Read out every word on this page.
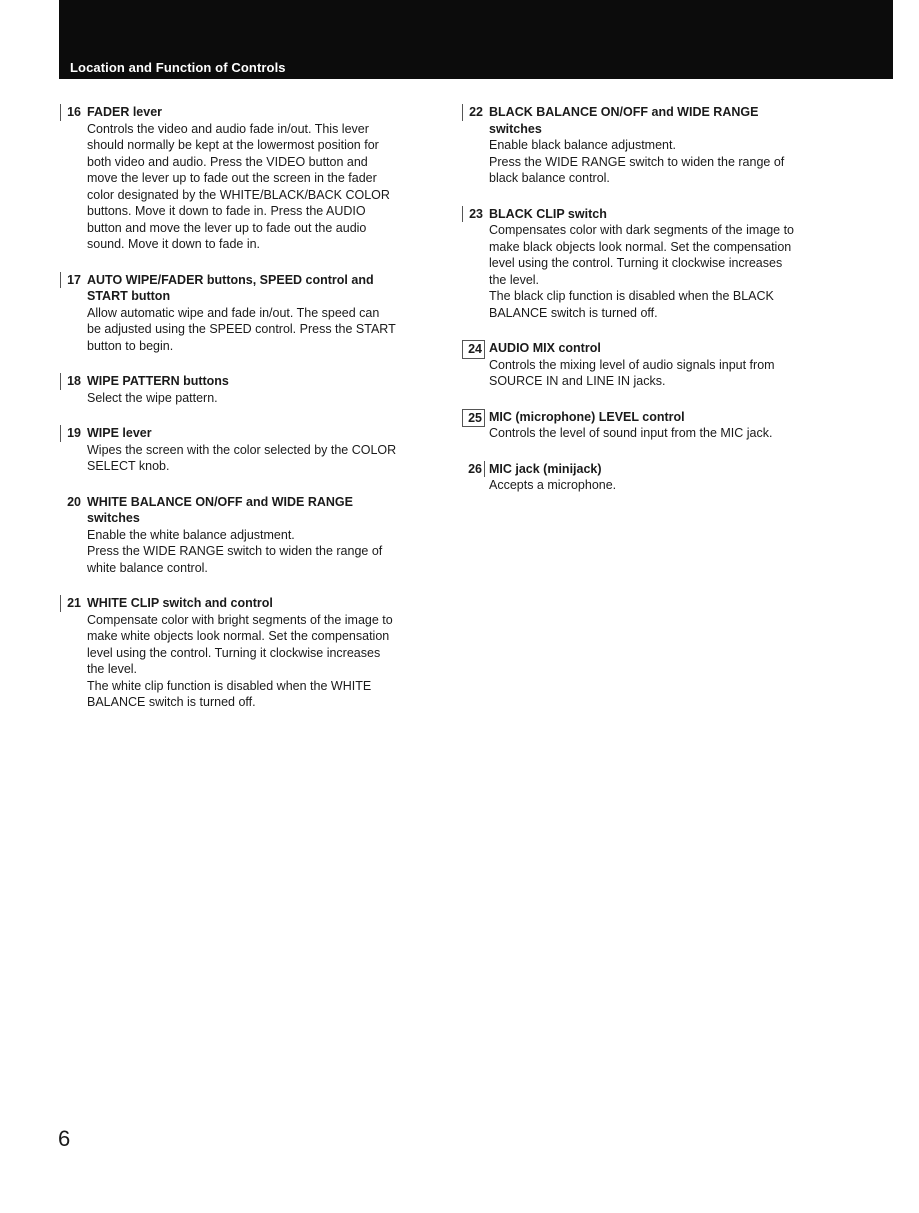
Location and Function of Controls
16 FADER lever

Controls the video and audio fade in/out. This lever
should normally be kept at the lowermost position for
both video and audio. Press the VIDEO button and
move the lever up to fade out the screen in the fader
color designated by the WHITE/BLACK/BACK COLOR
buttons. Move it down to fade in. Press the AUDIO
button and move the lever up to fade out the audio
sound. Move it down to fade in.

17 AUTO WIPE/FADER buttons, SPEED control and
START button

Allow automatic wipe and fade in/out. The speed can
be adjusted using the SPEED control. Press the START
button to begin.

18 WIPE PATTERN buttons

Select the wipe pattern.

19 WIPE lever

Wipes the screen with the color selected by the COLOR
SELECT knob.

20 WHITE BALANCE ON/OFF and WIDE RANGE
switches

Enable the white balance adjustment.
Press the WIDE RANGE switch to widen the range of
white balance control.

21 WHITE CLIP switch and control

Compensate color with bright segments of the image to
make white objects look normal. Set the compensation
level using the control. Turning it clockwise increases
the level.
The white clip function is disabled when the WHITE
BALANCE switch is turned off.

22 BLACK BALANCE ON/OFF and WIDE RANGE
switches

Enable black balance adjustment.
Press the WIDE RANGE switch to widen the range of
black balance control.

23 BLACK CLIP switch

Compensates color with dark segments of the image to
make black objects look normal. Set the compensation
level using the control. Turning it clockwise increases
the level.
The black clip function is disabled when the BLACK
BALANCE switch is turned off.

24 AUDIO MIX control

Controls the mixing level of audio signals input from
SOURCE IN and LINE IN jacks.

25 MIC (microphone) LEVEL control

Controls the level of sound input from the MIC jack.

26 MIC jack (minijack)

Accepts a microphone.

6
